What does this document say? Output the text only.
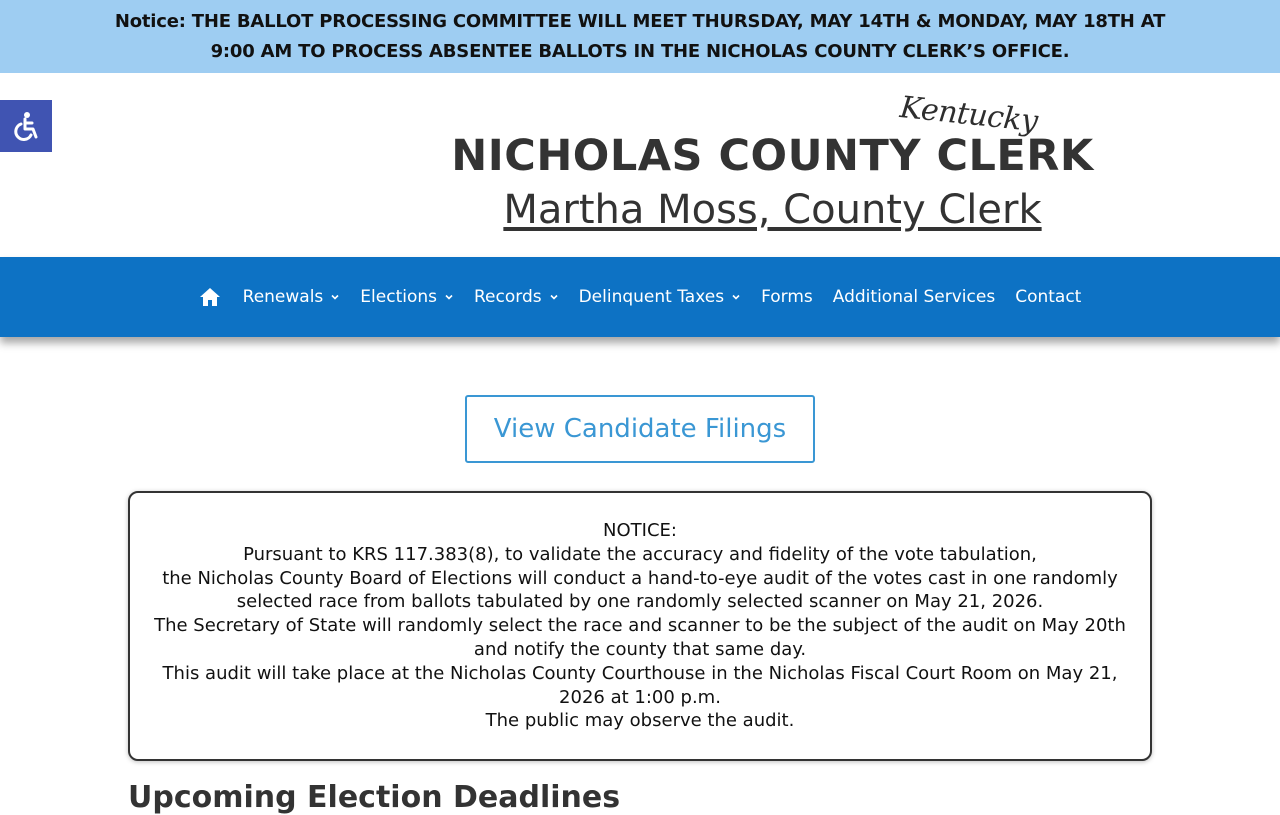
Notice: THE BALLOT PROCESSING COMMITTEE WILL MEET THURSDAY, MAY 14TH & MONDAY, MAY 18TH AT 9:00 AM TO PROCESS ABSENTEE BALLOTS IN THE NICHOLAS COUNTY CLERK’S OFFICE.

Kentucky
NICHOLAS COUNTY CLERK
Martha Moss, County Clerk
Renewals Elections Records Delinquent Taxes Forms Additional Services Contact
View Candidate Filings

NOTICE:

Pursuant to KRS 117.383(8), to validate the accuracy and fidelity of the vote tabulation,

the Nicholas County Board of Elections will conduct a hand-to-eye audit of the votes cast in one randomly selected race from ballots tabulated by one randomly selected scanner on May 21, 2026.

The Secretary of State will randomly select the race and scanner to be the subject of the audit on May 20th and notify the county that same day.

This audit will take place at the Nicholas County Courthouse in the Nicholas Fiscal Court Room on May 21, 2026 at 1:00 p.m.

The public may observe the audit.

Upcoming Election Deadlines
